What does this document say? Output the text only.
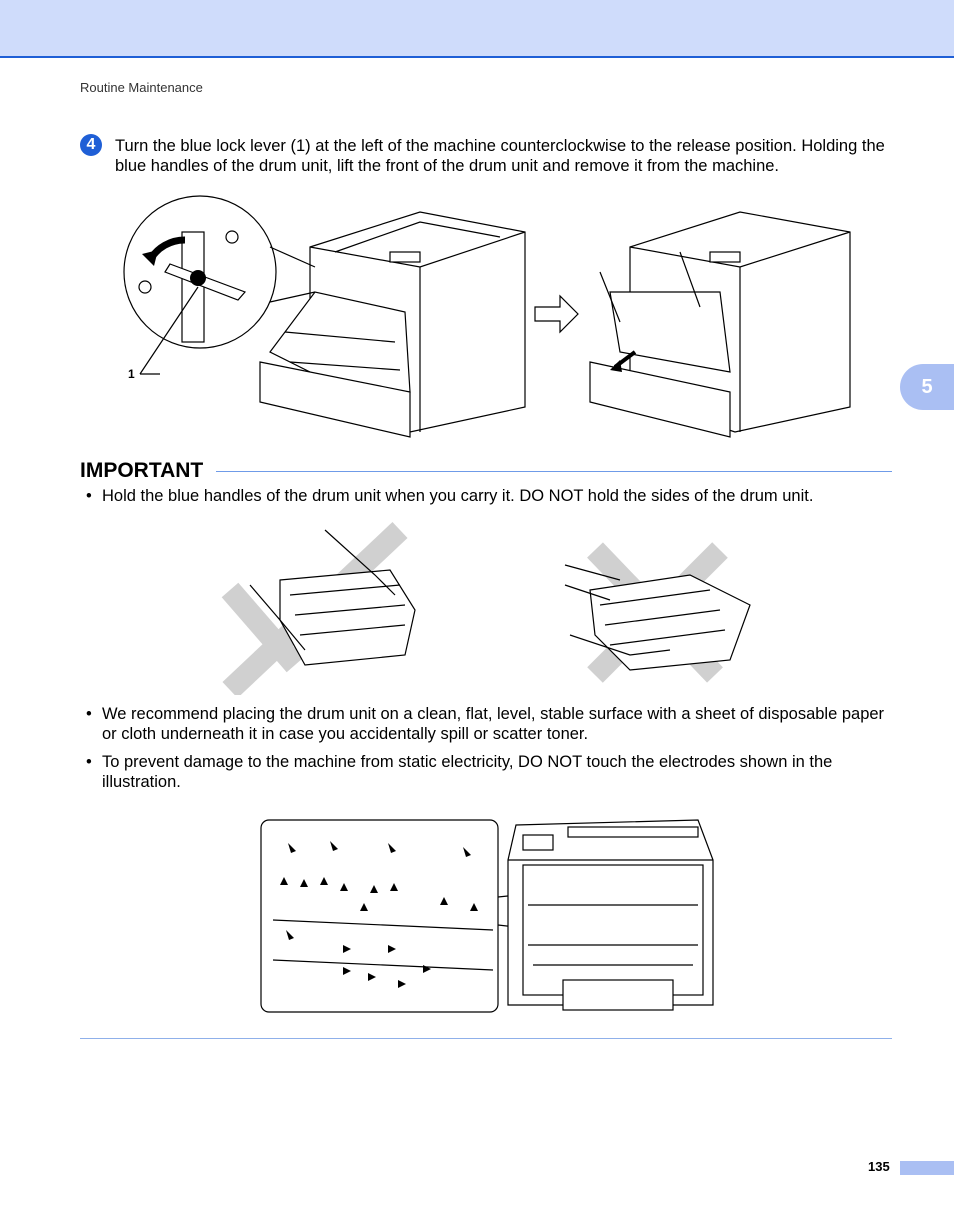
Routine Maintenance
4	Turn the blue lock lever (1) at the left of the machine counterclockwise to the release position. Holding the blue handles of the drum unit, lift the front of the drum unit and remove it from the machine.
1
5
IMPORTANT
• Hold the blue handles of the drum unit when you carry it. DO NOT hold the sides of the drum unit.
• We recommend placing the drum unit on a clean, flat, level, stable surface with a sheet of disposable paper or cloth underneath it in case you accidentally spill or scatter toner.
• To prevent damage to the machine from static electricity, DO NOT touch the electrodes shown in the illustration.
135
